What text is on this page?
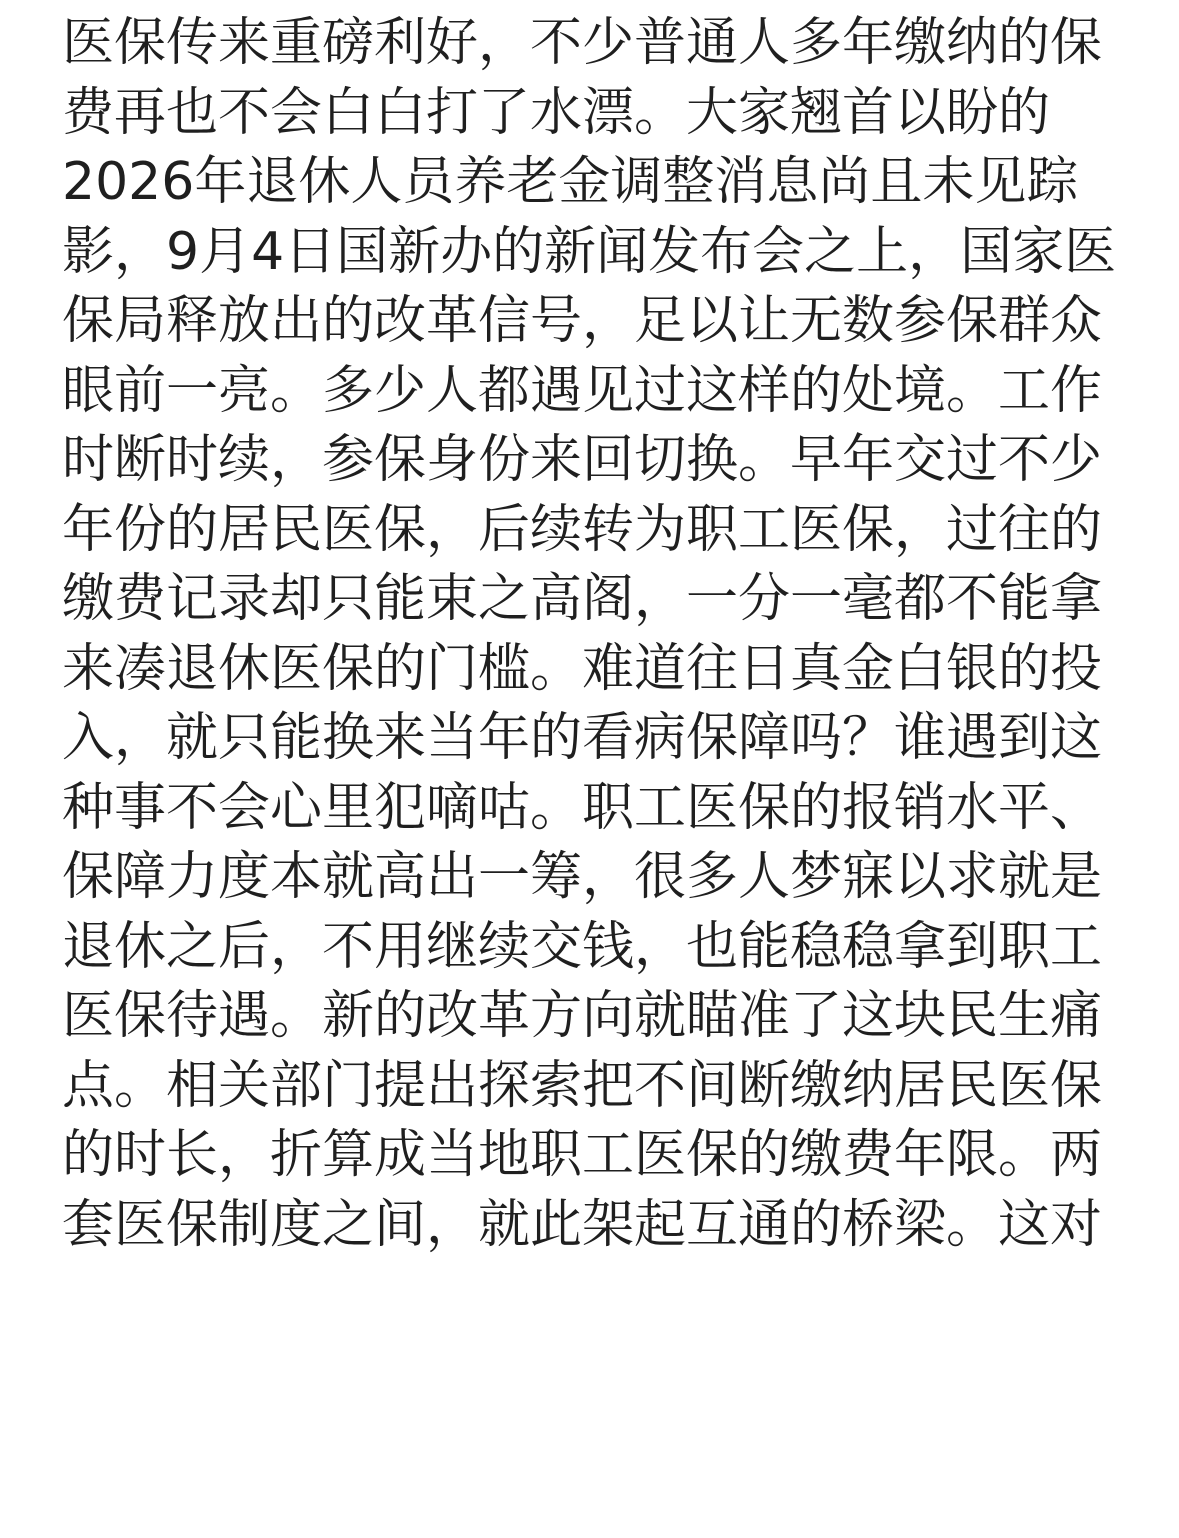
医保传来重磅利好，不少普通人多年缴纳的保
费再也不会白白打了水漂。大家翘首以盼的
2026年退休人员养老金调整消息尚且未见踪
影，9月4日国新办的新闻发布会之上，国家医
保局释放出的改革信号，足以让无数参保群众
眼前一亮。多少人都遇见过这样的处境。工作
时断时续，参保身份来回切换。早年交过不少
年份的居民医保，后续转为职工医保，过往的
缴费记录却只能束之高阁，一分一毫都不能拿
来凑退休医保的门槛。难道往日真金白银的投
入，就只能换来当年的看病保障吗？谁遇到这
种事不会心里犯嘀咕。职工医保的报销水平、
保障力度本就高出一筹，很多人梦寐以求就是
退休之后，不用继续交钱，也能稳稳拿到职工
医保待遇。新的改革方向就瞄准了这块民生痛
点。相关部门提出探索把不间断缴纳居民医保
的时长，折算成当地职工医保的缴费年限。两
套医保制度之间，就此架起互通的桥梁。这对
